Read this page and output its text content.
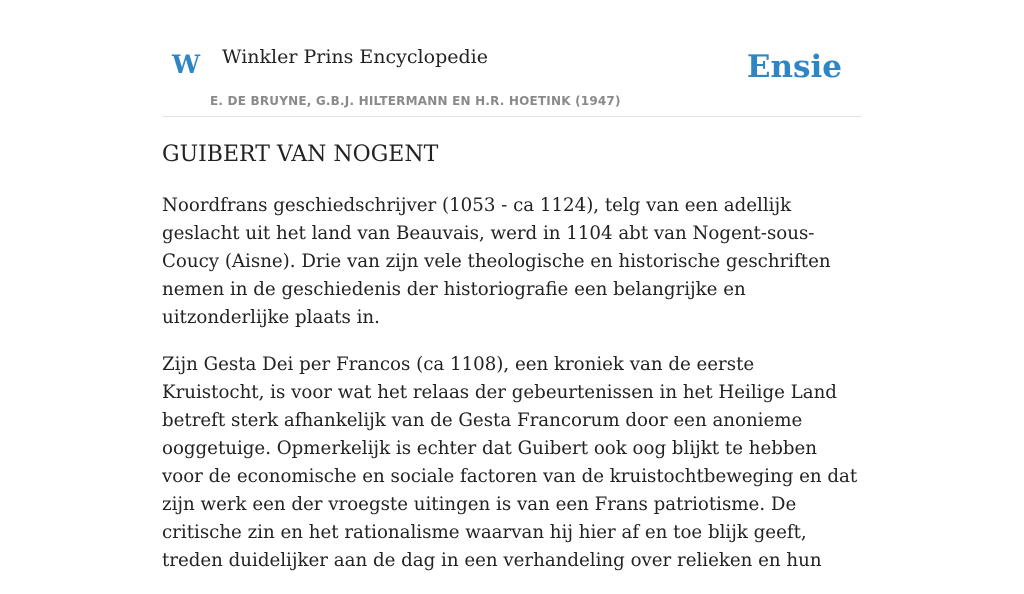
W Winkler Prins Encyclopedie
E. DE BRUYNE, G.B.J. HILTERMANN EN H.R. HOETINK (1947)
Ensie
GUIBERT VAN NOGENT

Noordfrans geschiedschrijver (1053 - ca 1124), telg van een adellijk geslacht uit het land van Beauvais, werd in 1104 abt van Nogent-sous-Coucy (Aisne). Drie van zijn vele theologische en historische geschriften nemen in de geschiedenis der historiografie een belangrijke en uitzonderlijke plaats in.

Zijn Gesta Dei per Francos (ca 1108), een kroniek van de eerste Kruistocht, is voor wat het relaas der gebeurtenissen in het Heilige Land betreft sterk afhankelijk van de Gesta Francorum door een anonieme ooggetuige. Opmerkelijk is echter dat Guibert ook oog blijkt te hebben voor de economische en sociale factoren van de kruistochtbeweging en dat zijn werk een der vroegste uitingen is van een Frans patriotisme. De critische zin en het rationalisme waarvan hij hier af en toe blijk geeft, treden duidelijker aan de dag in een verhandeling over relieken en hun
